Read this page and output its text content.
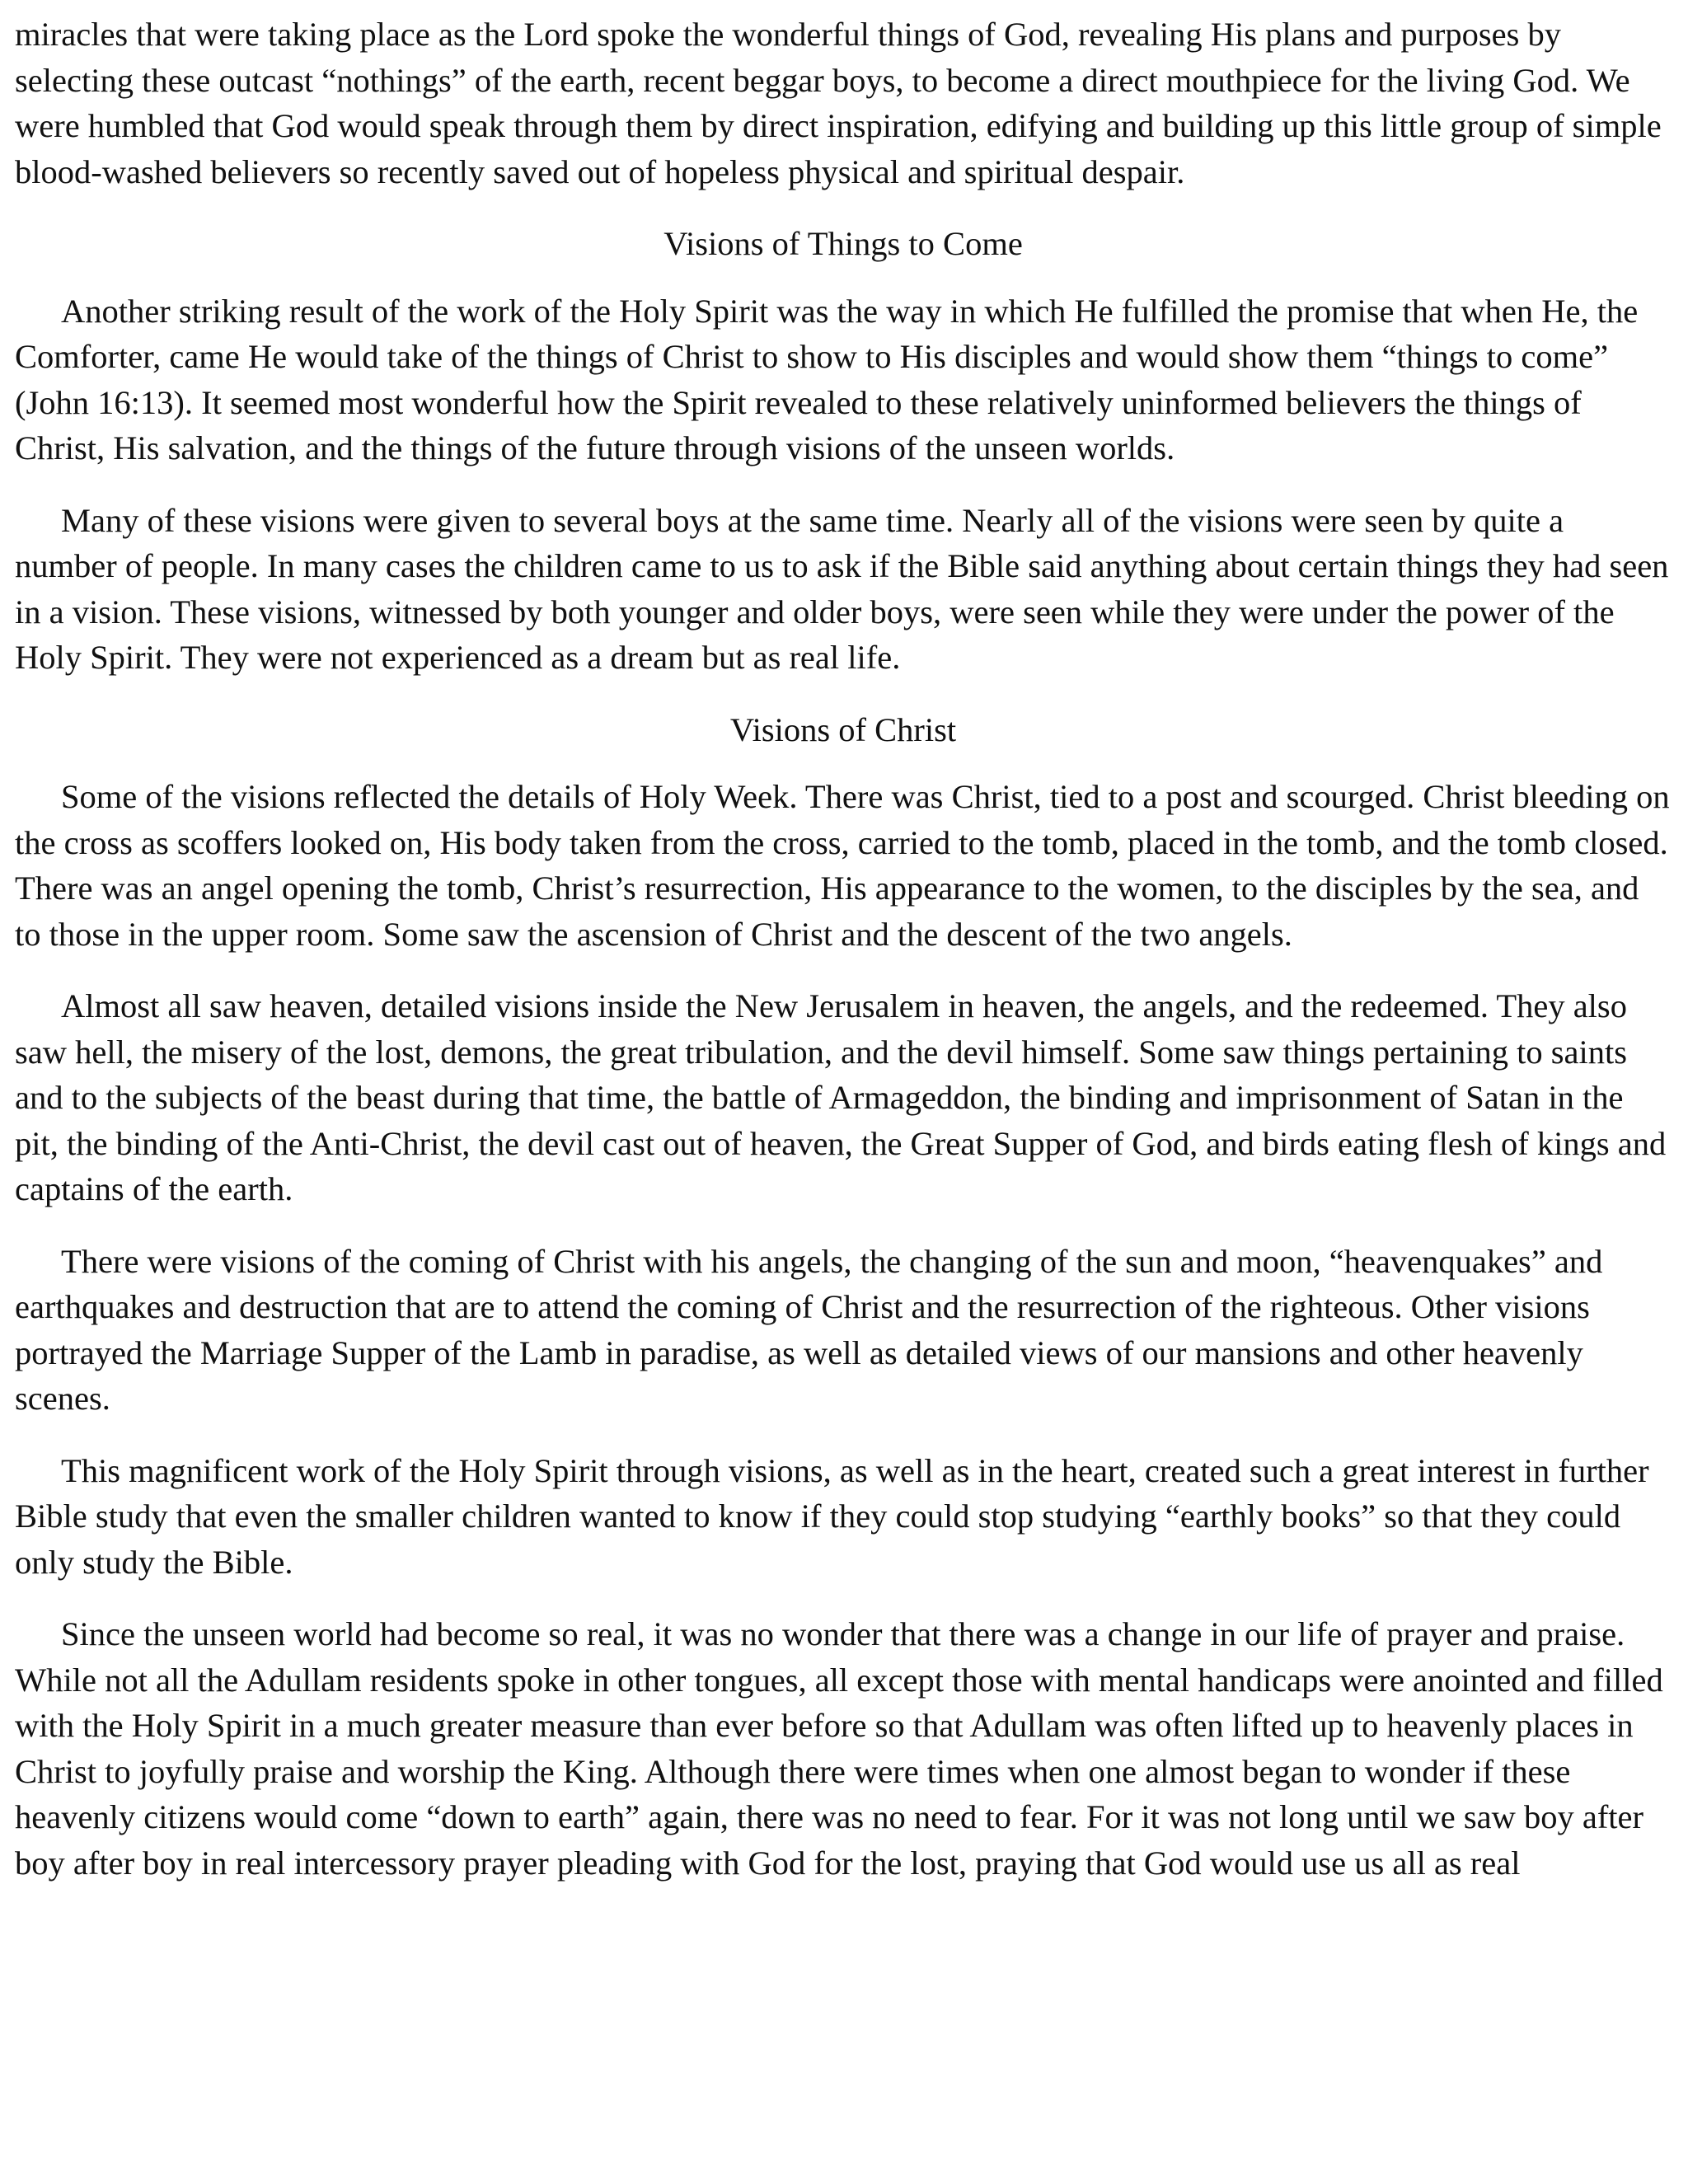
miracles that were taking place as the Lord spoke the wonderful things of God, revealing His plans and purposes by selecting these outcast “nothings” of the earth, recent beggar boys, to become a direct mouthpiece for the living God. We were humbled that God would speak through them by direct inspiration, edifying and building up this little group of simple blood-washed believers so recently saved out of hopeless physical and spiritual despair.

Visions of Things to Come

Another striking result of the work of the Holy Spirit was the way in which He fulfilled the promise that when He, the Comforter, came He would take of the things of Christ to show to His disciples and would show them “things to come” (John 16:13). It seemed most wonderful how the Spirit revealed to these relatively uninformed believers the things of Christ, His salvation, and the things of the future through visions of the unseen worlds.

Many of these visions were given to several boys at the same time. Nearly all of the visions were seen by quite a number of people. In many cases the children came to us to ask if the Bible said anything about certain things they had seen in a vision. These visions, witnessed by both younger and older boys, were seen while they were under the power of the Holy Spirit. They were not experienced as a dream but as real life.

Visions of Christ

Some of the visions reflected the details of Holy Week. There was Christ, tied to a post and scourged. Christ bleeding on the cross as scoffers looked on, His body taken from the cross, carried to the tomb, placed in the tomb, and the tomb closed. There was an angel opening the tomb, Christ’s resurrection, His appearance to the women, to the disciples by the sea, and to those in the upper room. Some saw the ascension of Christ and the descent of the two angels.

Almost all saw heaven, detailed visions inside the New Jerusalem in heaven, the angels, and the redeemed. They also saw hell, the misery of the lost, demons, the great tribulation, and the devil himself. Some saw things pertaining to saints and to the subjects of the beast during that time, the battle of Armageddon, the binding and imprisonment of Satan in the pit, the binding of the Anti-Christ, the devil cast out of heaven, the Great Supper of God, and birds eating flesh of kings and captains of the earth.

There were visions of the coming of Christ with his angels, the changing of the sun and moon, “heavenquakes” and earthquakes and destruction that are to attend the coming of Christ and the resurrection of the righteous. Other visions portrayed the Marriage Supper of the Lamb in paradise, as well as detailed views of our mansions and other heavenly scenes.

This magnificent work of the Holy Spirit through visions, as well as in the heart, created such a great interest in further Bible study that even the smaller children wanted to know if they could stop studying “earthly books” so that they could only study the Bible.

Since the unseen world had become so real, it was no wonder that there was a change in our life of prayer and praise. While not all the Adullam residents spoke in other tongues, all except those with mental handicaps were anointed and filled with the Holy Spirit in a much greater measure than ever before so that Adullam was often lifted up to heavenly places in Christ to joyfully praise and worship the King. Although there were times when one almost began to wonder if these heavenly citizens would come “down to earth” again, there was no need to fear. For it was not long until we saw boy after boy after boy in real intercessory prayer pleading with God for the lost, praying that God would use us all as real
